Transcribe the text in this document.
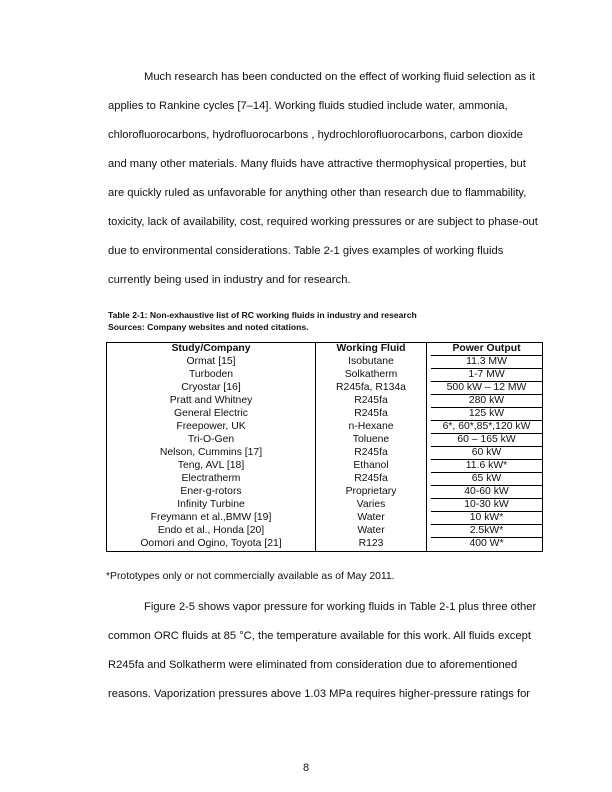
Much research has been conducted on the effect of working fluid selection as it
applies to Rankine cycles [7–14]. Working fluids studied include water, ammonia,
chlorofluorocarbons, hydrofluorocarbons , hydrochlorofluorocarbons, carbon dioxide
and many other materials. Many fluids have attractive thermophysical properties, but
are quickly ruled as unfavorable for anything other than research due to flammability,
toxicity, lack of availability, cost, required working pressures or are subject to phase-out
due to environmental considerations. Table 2-1 gives examples of working fluids
currently being used in industry and for research.
Table 2-1: Non-exhaustive list of RC working fluids in industry and research
Sources: Company websites and noted citations.
Study/Company	Working Fluid	Power Output

Ormat [15]	Isobutane	11.3 MW

Turboden	Solkatherm	1-7 MW

Cryostar [16]	R245fa, R134a	500 kW – 12 MW

Pratt and Whitney	R245fa	280 kW

General Electric	R245fa	125 kW

Freepower, UK	n-Hexane	6*, 60*,85*,120 kW

Tri-O-Gen	Toluene	60 – 165 kW

Nelson, Cummins [17]	R245fa	60 kW

Teng, AVL [18]	Ethanol	11.6 kW*

Electratherm	R245fa	65 kW

Ener-g-rotors	Proprietary	40-60 kW

Infinity Turbine	Varies	10-30 kW

Freymann et al.,BMW [19]	Water	10 kW*

Endo et al., Honda [20]	Water	2.5kW*

Oomori and Ogino, Toyota [21]	R123	400 W*
*Prototypes only or not commercially available as of May 2011.
Figure 2-5 shows vapor pressure for working fluids in Table 2-1 plus three other
common ORC fluids at 85 °C, the temperature available for this work. All fluids except
R245fa and Solkatherm were eliminated from consideration due to aforementioned
reasons. Vaporization pressures above 1.03 MPa requires higher-pressure ratings for
8
